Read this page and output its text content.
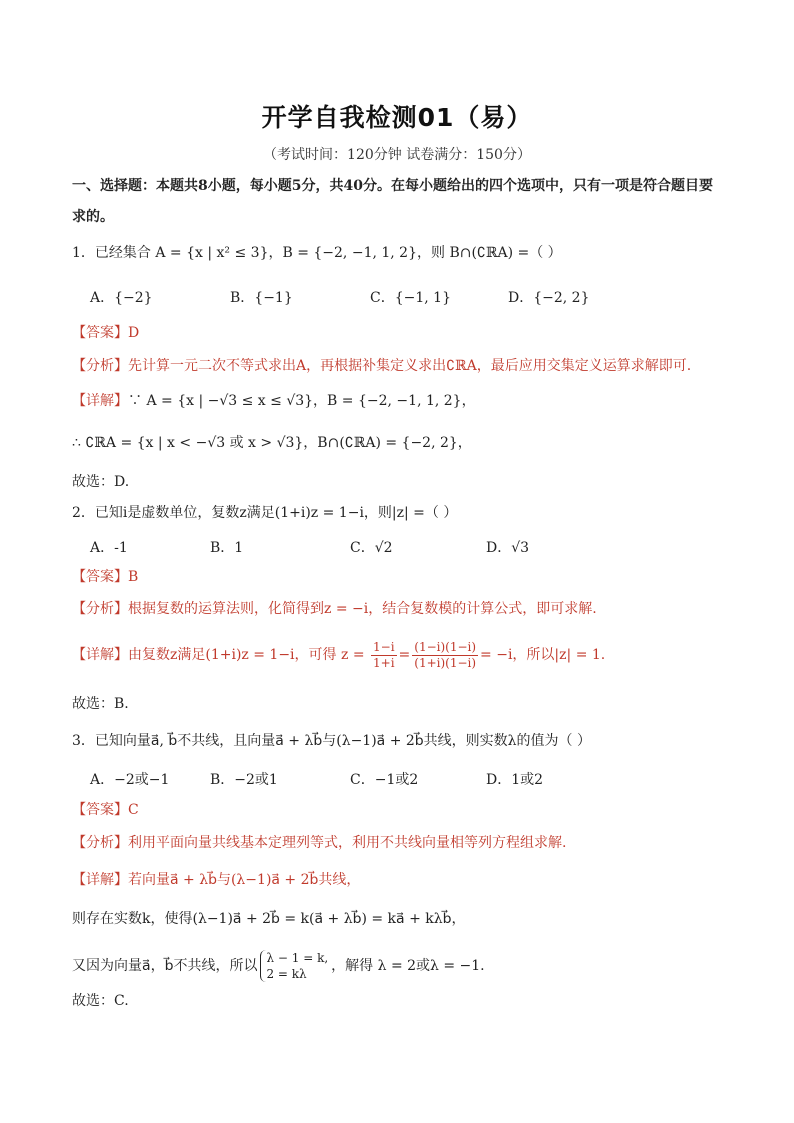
开学自我检测01（易）
（考试时间：120分钟 试卷满分：150分）
一、选择题：本题共8小题，每小题5分，共40分。在每小题给出的四个选项中，只有一项是符合题目要
求的。
1．已经集合 A = {x | x² ≤ 3}，B = {−2, −1, 1, 2}，则 B∩(∁ℝA) =（ ）
A．{−2}	B．{−1}	C．{−1, 1}	D．{−2, 2}
【答案】D
【分析】先计算一元二次不等式求出A，再根据补集定义求出∁ℝA，最后应用交集定义运算求解即可.
【详解】∵ A = {x | −√3 ≤ x ≤ √3}，B = {−2, −1, 1, 2}，
∴ ∁ℝA = {x | x < −√3 或 x > √3}，B∩(∁ℝA) = {−2, 2}，
故选：D.
2．已知i是虚数单位，复数z满足(1+i)z = 1−i，则|z| =（ ）
A．-1	B．1	C．√2	D．√3
【答案】B
【分析】根据复数的运算法则，化简得到z = −i，结合复数模的计算公式，即可求解.
【详解】由复数z满足(1+i)z = 1−i，可得 $z = \frac{1-i}{1+i} = \frac{(1-i)(1-i)}{(1+i)(1-i)} = -i$，所以|z| = 1.
故选：B.
3．已知向量a⃗, b⃗不共线，且向量a⃗ + λb⃗与(λ−1)a⃗ + 2b⃗共线，则实数λ的值为（ ）
A．−2或−1	B．−2或1	C．−1或2	D．1或2
【答案】C
【分析】利用平面向量共线基本定理列等式，利用不共线向量相等列方程组求解.
【详解】若向量a⃗ + λb⃗与(λ−1)a⃗ + 2b⃗共线，
则存在实数k，使得(λ−1)a⃗ + 2b⃗ = k(a⃗ + λb⃗) = ka⃗ + kλb⃗，
又因为向量a⃗，b⃗不共线，所以 λ − 1 = k,
2 = kλ	，解得 λ = 2或λ = −1.
故选：C.
